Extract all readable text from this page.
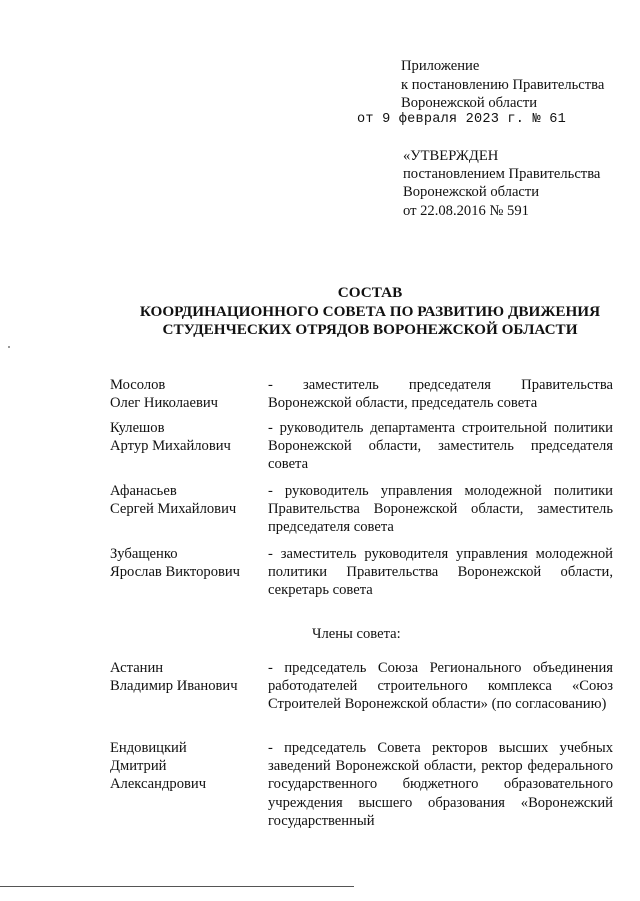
Приложение
к постановлению Правительства
Воронежской области
от 9 февраля 2023 г. № 61
«УТВЕРЖДЕН
постановлением Правительства
Воронежской области
от 22.08.2016 № 591
СОСТАВ
КООРДИНАЦИОННОГО СОВЕТА ПО РАЗВИТИЮ ДВИЖЕНИЯ
СТУДЕНЧЕСКИХ ОТРЯДОВ ВОРОНЕЖСКОЙ ОБЛАСТИ
Мосолов
Олег Николаевич
- заместитель председателя Правительства Воронежской области, председатель совета
Кулешов
Артур Михайлович
- руководитель департамента строительной политики Воронежской области, заместитель председателя совета
Афанасьев
Сергей Михайлович
- руководитель управления молодежной политики Правительства Воронежской области, заместитель председателя совета
Зубащенко
Ярослав Викторович
- заместитель руководителя управления молодежной политики Правительства Воронежской области, секретарь совета
Члены совета:
Астанин
Владимир Иванович
- председатель Союза Регионального объединения работодателей строительного комплекса «Союз Строителей Воронежской области» (по согласованию)
Ендовицкий
Дмитрий
Александрович
- председатель Совета ректоров высших учебных заведений Воронежской области, ректор федерального государственного бюджетного образовательного учреждения высшего образования «Воронежский государственный
